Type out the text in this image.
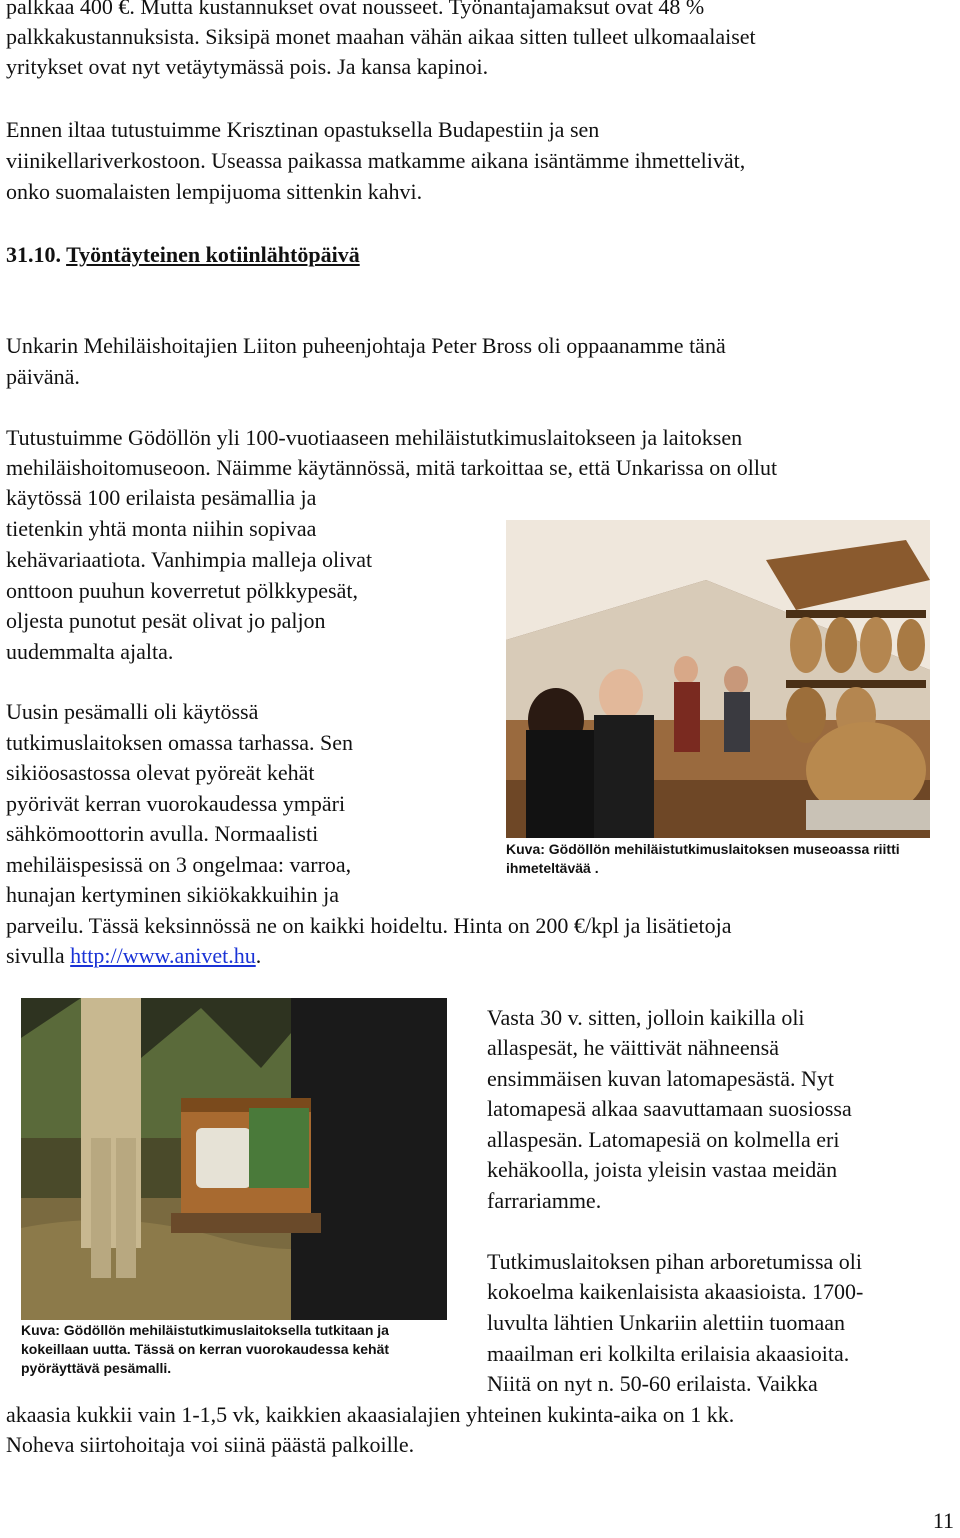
palkkaa 400 €. Mutta kustannukset ovat nousseet. Työnantajamaksut ovat 48 %
palkkakustannuksista. Siksipä monet maahan vähän aikaa sitten tulleet ulkomaalaiset
yritykset ovat nyt vetäytymässä pois. Ja kansa kapinoi.
Ennen iltaa tutustuimme Krisztinan opastuksella Budapestiin ja sen
viinikellariverkostoon. Useassa paikassa matkamme aikana isäntämme ihmettelivät,
onko suomalaisten lempijuoma sittenkin kahvi.
31.10. Työntäyteinen kotiinlähtöpäivä
Unkarin Mehiläishoitajien Liiton puheenjohtaja Peter Bross oli oppaanamme tänä
päivänä.
Tutustuimme Gödöllön yli 100-vuotiaaseen mehiläistutkimuslaitokseen ja laitoksen
mehiläishoitomuseoon. Näimme käytännössä, mitä tarkoittaa se, että Unkarissa on ollut
käytössä 100 erilaista pesämallia ja
tietenkin yhtä monta niihin sopivaa
kehävariaatiota. Vanhimpia malleja olivat
onttoon puuhun koverretut pölkkypesät,
oljesta punotut pesät olivat jo paljon
uudemmalta ajalta.
Kuva: Gödöllön mehiläistutkimuslaitoksen museoassa riitti
ihmeteltävää .
Uusin pesämalli oli käytössä
tutkimuslaitoksen omassa tarhassa. Sen
sikiöosastossa olevat pyöreät kehät
pyörivät kerran vuorokaudessa ympäri
sähkömoottorin avulla. Normaalisti
mehiläispesissä on 3 ongelmaa: varroa,
hunajan kertyminen sikiökakkuihin ja
parveilu. Tässä keksinnössä ne on kaikki hoideltu. Hinta on 200 €/kpl ja lisätietoja
sivulla http://www.anivet.hu.
Kuva: Gödöllön mehiläistutkimuslaitoksella tutkitaan ja
kokeillaan uutta. Tässä on kerran vuorokaudessa kehät
pyöräyttävä pesämalli.
Vasta 30 v. sitten, jolloin kaikilla oli
allaspesät, he väittivät nähneensä
ensimmäisen kuvan latomapesästä. Nyt
latomapesä alkaa saavuttamaan suosiossa
allaspesän. Latomapesiä on kolmella eri
kehäkoolla, joista yleisin vastaa meidän
farrariamme.
Tutkimuslaitoksen pihan arboretumissa oli
kokoelma kaikenlaisista akaasioista. 1700-
luvulta lähtien Unkariin alettiin tuomaan
maailman eri kolkilta erilaisia akaasioita.
Niitä on nyt n. 50-60 erilaista. Vaikka
akaasia kukkii vain 1-1,5 vk, kaikkien akaasialajien yhteinen kukinta-aika on 1 kk.
Noheva siirtohoitaja voi siinä päästä palkoille.
11
